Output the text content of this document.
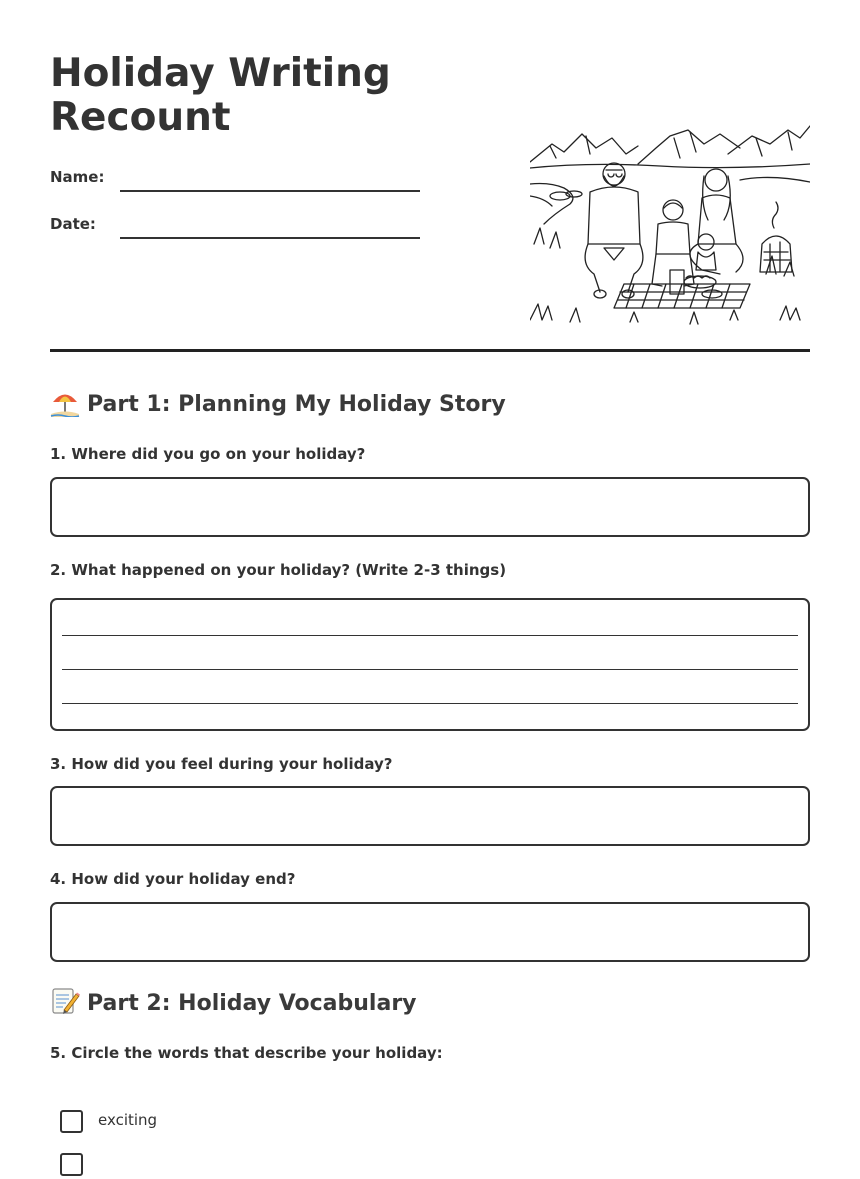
Holiday Writing Recount
Name:
Date:
Part 1: Planning My Holiday Story
1. Where did you go on your holiday?
2. What happened on your holiday? (Write 2-3 things)
3. How did you feel during your holiday?
4. How did your holiday end?
Part 2: Holiday Vocabulary
5. Circle the words that describe your holiday:
exciting
